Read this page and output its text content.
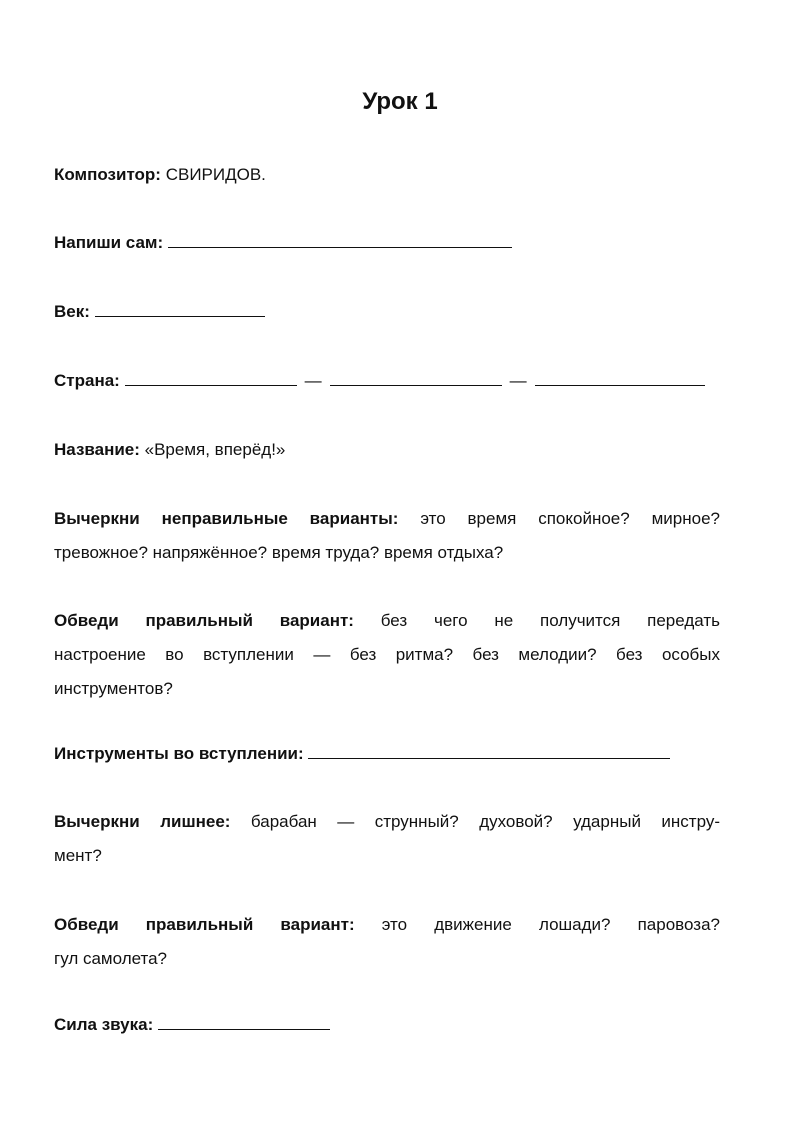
Урок 1
Композитор: СВИРИДОВ.
Напиши сам:
Век:
Страна:	—	—
Название: «Время, вперёд!»
Вычеркни неправильные варианты: это время спокойное? мирное?
тревожное? напряжённое? время труда? время отдыха?
Обведи правильный вариант: без чего не получится передать
настроение во вступлении — без ритма? без мелодии? без особых
инструментов?
Инструменты во вступлении:
Вычеркни лишнее: барабан — струнный? духовой? ударный инстру-
мент?
Обведи правильный вариант: это движение лошади? паровоза?
гул самолета?
Сила звука:
